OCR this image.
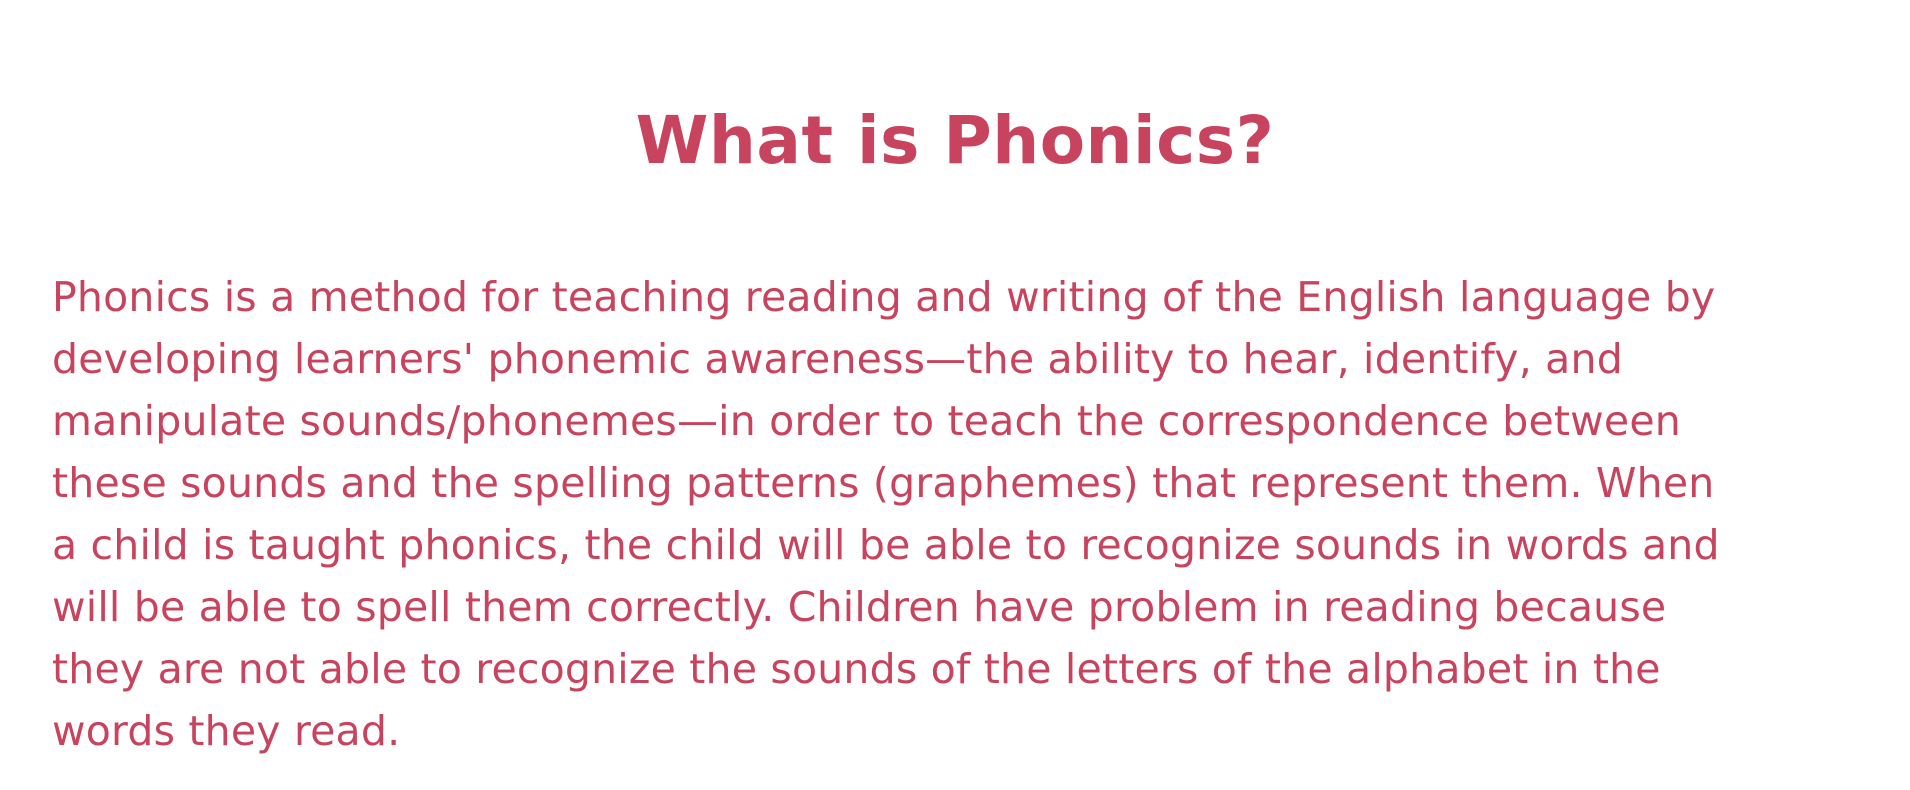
What is Phonics?

Phonics is a method for teaching reading and writing of the English language by
developing learners' phonemic awareness—the ability to hear, identify, and
manipulate sounds/phonemes—in order to teach the correspondence between
these sounds and the spelling patterns (graphemes) that represent them. When
a child is taught phonics, the child will be able to recognize sounds in words and
will be able to spell them correctly. Children have problem in reading because
they are not able to recognize the sounds of the letters of the alphabet in the
words they read.
